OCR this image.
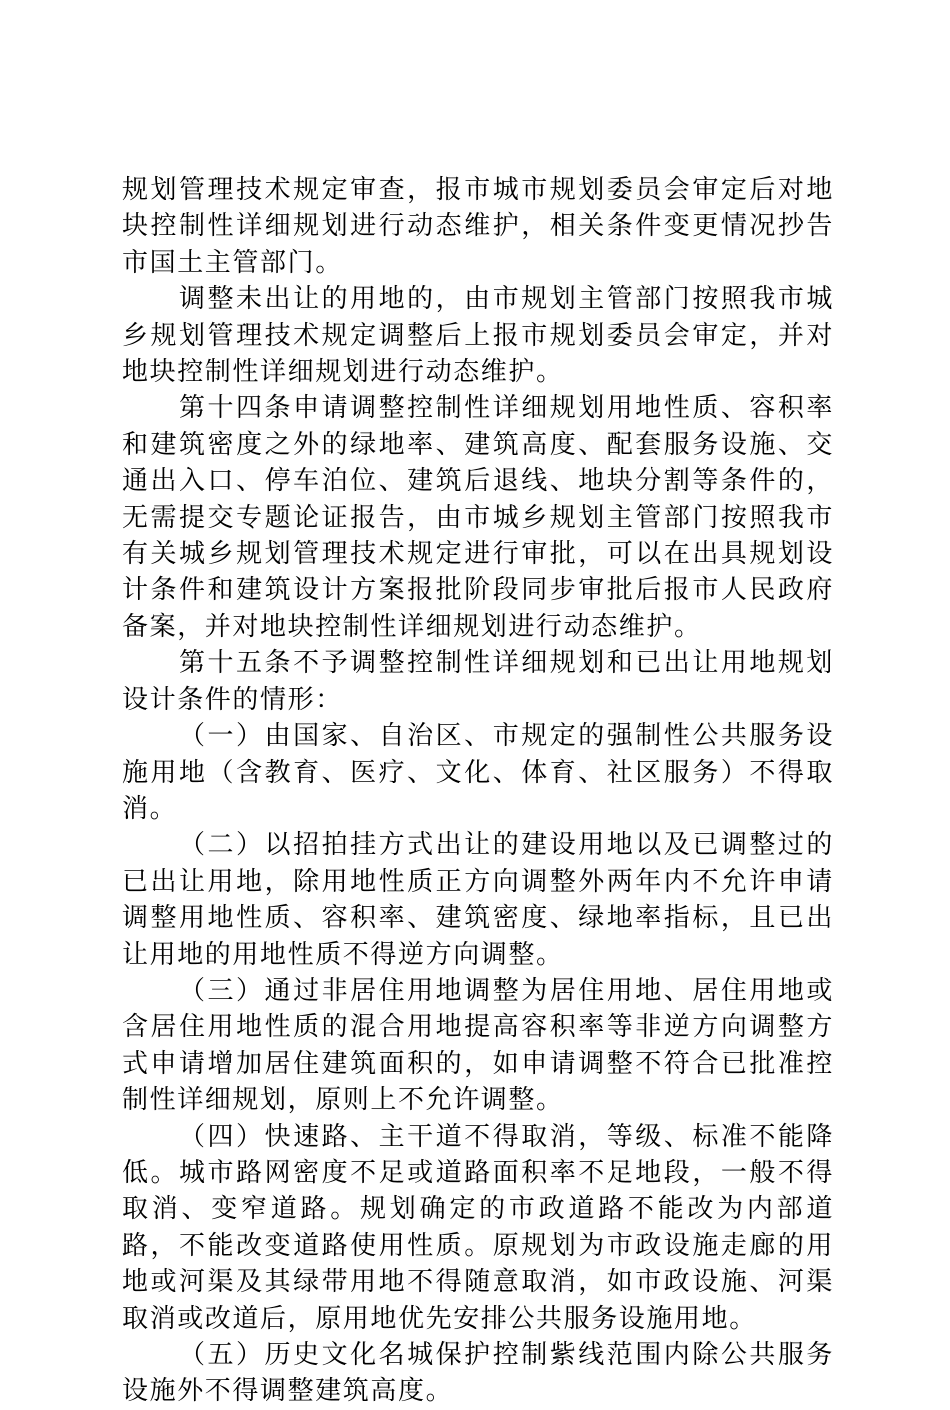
规划管理技术规定审查，报市城市规划委员会审定后对地块控制性详细规划进行动态维护，相关条件变更情况抄告市国土主管部门。

调整未出让的用地的，由市规划主管部门按照我市城乡规划管理技术规定调整后上报市规划委员会审定，并对地块控制性详细规划进行动态维护。

第十四条申请调整控制性详细规划用地性质、容积率和建筑密度之外的绿地率、建筑高度、配套服务设施、交通出入口、停车泊位、建筑后退线、地块分割等条件的，无需提交专题论证报告，由市城乡规划主管部门按照我市有关城乡规划管理技术规定进行审批，可以在出具规划设计条件和建筑设计方案报批阶段同步审批后报市人民政府备案，并对地块控制性详细规划进行动态维护。

第十五条不予调整控制性详细规划和已出让用地规划设计条件的情形：

（一）由国家、自治区、市规定的强制性公共服务设施用地（含教育、医疗、文化、体育、社区服务）不得取消。

（二）以招拍挂方式出让的建设用地以及已调整过的已出让用地，除用地性质正方向调整外两年内不允许申请调整用地性质、容积率、建筑密度、绿地率指标，且已出让用地的用地性质不得逆方向调整。

（三）通过非居住用地调整为居住用地、居住用地或含居住用地性质的混合用地提高容积率等非逆方向调整方式申请增加居住建筑面积的，如申请调整不符合已批准控制性详细规划，原则上不允许调整。

（四）快速路、主干道不得取消，等级、标准不能降低。城市路网密度不足或道路面积率不足地段，一般不得取消、变窄道路。规划确定的市政道路不能改为内部道路，不能改变道路使用性质。原规划为市政设施走廊的用地或河渠及其绿带用地不得随意取消，如市政设施、河渠取消或改道后，原用地优先安排公共服务设施用地。

（五）历史文化名城保护控制紫线范围内除公共服务设施外不得调整建筑高度。
